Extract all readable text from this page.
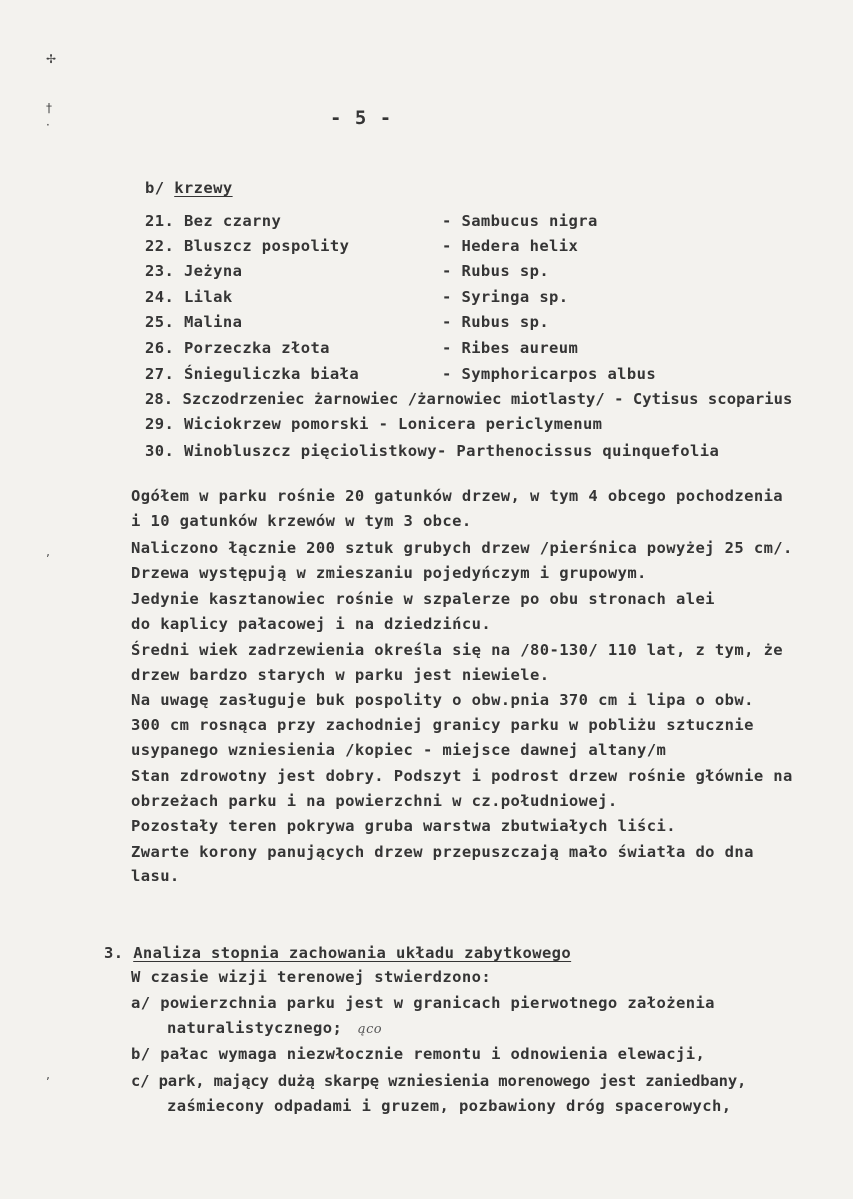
✢
†
·
ʼ
ʼ
- 5 -
b/ krzewy
21. Bez czarny	- Sambucus nigra
22. Bluszcz pospolity	- Hedera helix
23. Jeżyna	- Rubus sp.
24. Lilak	- Syringa sp.
25. Malina	- Rubus sp.
26. Porzeczka złota	- Ribes aureum
27. Śnieguliczka biała	- Symphoricarpos albus
28. Szczodrzeniec żarnowiec /żarnowiec miotlasty/ - Cytisus scoparius
29. Wiciokrzew pomorski - Lonicera periclymenum
30. Winobluszcz pięciolistkowy- Parthenocissus quinquefolia
Ogółem w parku rośnie 20 gatunków drzew, w tym 4 obcego pochodzenia
i 10 gatunków krzewów w tym 3 obce.
Naliczono łącznie 200 sztuk grubych drzew /pierśnica powyżej 25 cm/.
Drzewa występują w zmieszaniu pojedyńczym i grupowym.
Jedynie kasztanowiec rośnie w szpalerze po obu stronach alei
do kaplicy pałacowej i na dziedzińcu.
Średni wiek zadrzewienia określa się na /80-130/ 110 lat, z tym, że
drzew bardzo starych w parku jest niewiele.
Na uwagę zasługuje buk pospolity o obw.pnia 370 cm i lipa o obw.
300 cm rosnąca przy zachodniej granicy parku w pobliżu sztucznie
usypanego wzniesienia /kopiec - miejsce dawnej altany/m
Stan zdrowotny jest dobry. Podszyt i podrost drzew rośnie głównie na
obrzeżach parku i na powierzchni w cz.południowej.
Pozostały teren pokrywa gruba warstwa zbutwiałych liści.
Zwarte korony panujących drzew przepuszczają mało światła do dna
lasu.
3. Analiza stopnia zachowania układu zabytkowego
W czasie wizji terenowej stwierdzono:
a/ powierzchnia parku jest w granicach pierwotnego założenia
naturalistycznego; ąco
b/ pałac wymaga niezwłocznie remontu i odnowienia elewacji,
c/ park, mający dużą skarpę wzniesienia morenowego jest zaniedbany,
zaśmiecony odpadami i gruzem, pozbawiony dróg spacerowych,
